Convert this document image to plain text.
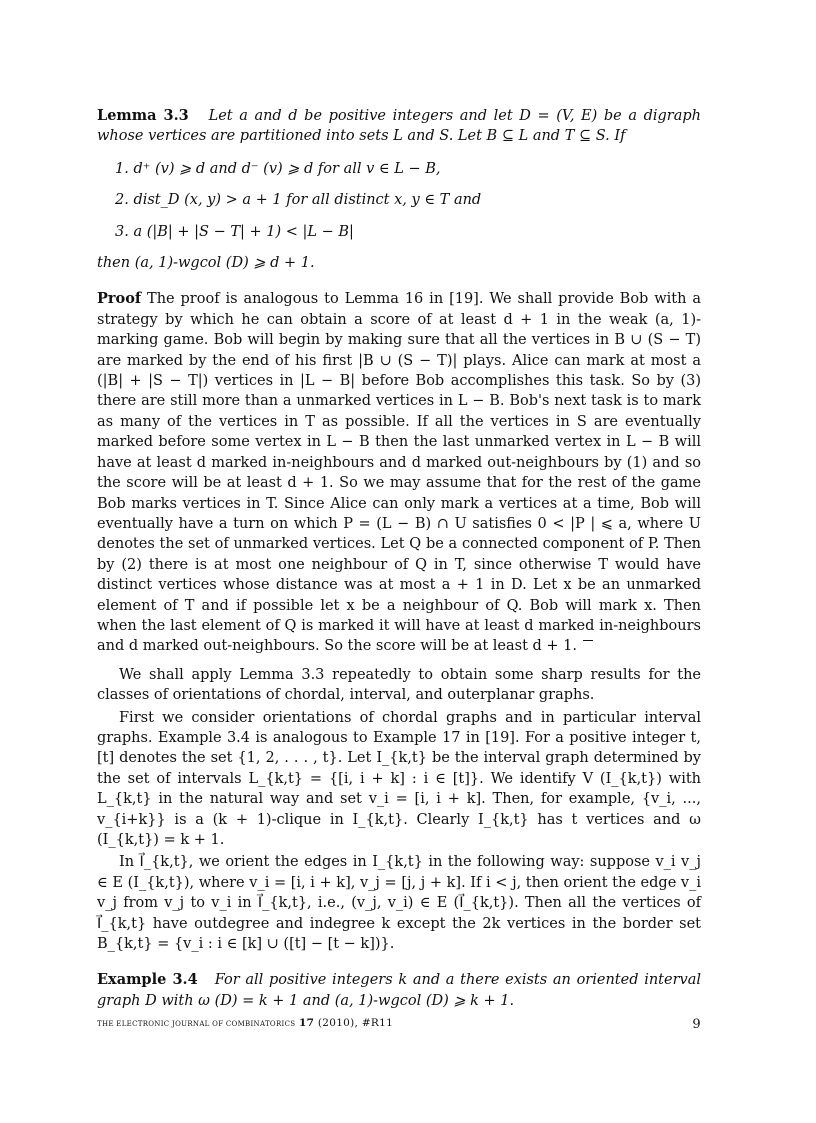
Lemma 3.3 Let a and d be positive integers and let D = (V, E) be a digraph whose vertices are partitioned into sets L and S. Let B ⊆ L and T ⊆ S. If

1. d⁺ (v) ⩾ d and d⁻ (v) ⩾ d for all v ∈ L − B,
2. dist_D (x, y) > a + 1 for all distinct x, y ∈ T and
3. a (|B| + |S − T| + 1) < |L − B|

then (a, 1)-wgcol (D) ⩾ d + 1.

Proof The proof is analogous to Lemma 16 in [19]. We shall provide Bob with a strategy by which he can obtain a score of at least d + 1 in the weak (a, 1)-marking game. Bob will begin by making sure that all the vertices in B ∪ (S − T) are marked by the end of his first |B ∪ (S − T)| plays. Alice can mark at most a (|B| + |S − T|) vertices in |L − B| before Bob accomplishes this task. So by (3) there are still more than a unmarked vertices in L − B. Bob's next task is to mark as many of the vertices in T as possible. If all the vertices in S are eventually marked before some vertex in L − B then the last unmarked vertex in L − B will have at least d marked in-neighbours and d marked out-neighbours by (1) and so the score will be at least d + 1. So we may assume that for the rest of the game Bob marks vertices in T. Since Alice can only mark a vertices at a time, Bob will eventually have a turn on which P = (L − B) ∩ U satisfies 0 < |P | ⩽ a, where U denotes the set of unmarked vertices. Let Q be a connected component of P. Then by (2) there is at most one neighbour of Q in T, since otherwise T would have distinct vertices whose distance was at most a + 1 in D. Let x be an unmarked element of T and if possible let x be a neighbour of Q. Bob will mark x. Then when the last element of Q is marked it will have at least d marked in-neighbours and d marked out-neighbours. So the score will be at least d + 1.

We shall apply Lemma 3.3 repeatedly to obtain some sharp results for the classes of orientations of chordal, interval, and outerplanar graphs.

First we consider orientations of chordal graphs and in particular interval graphs. Example 3.4 is analogous to Example 17 in [19]. For a positive integer t, [t] denotes the set {1, 2, . . . , t}. Let I_{k,t} be the interval graph determined by the set of intervals L_{k,t} = {[i, i + k] : i ∈ [t]}. We identify V (I_{k,t}) with L_{k,t} in the natural way and set v_i = [i, i + k]. Then, for example, {v_i, ..., v_{i+k}} is a (k + 1)-clique in I_{k,t}. Clearly I_{k,t} has t vertices and ω (I_{k,t}) = k + 1.

In I⃗_{k,t}, we orient the edges in I_{k,t} in the following way: suppose v_i v_j ∈ E (I_{k,t}), where v_i = [i, i + k], v_j = [j, j + k]. If i < j, then orient the edge v_i v_j from v_j to v_i in I⃗_{k,t}, i.e., (v_j, v_i) ∈ E (I⃗_{k,t}). Then all the vertices of I⃗_{k,t} have outdegree and indegree k except the 2k vertices in the border set B_{k,t} = {v_i : i ∈ [k] ∪ ([t] − [t − k])}.

Example 3.4 For all positive integers k and a there exists an oriented interval graph D with ω (D) = k + 1 and (a, 1)-wgcol (D) ⩾ k + 1.

the electronic journal of combinatorics 17 (2010), #R11	9
